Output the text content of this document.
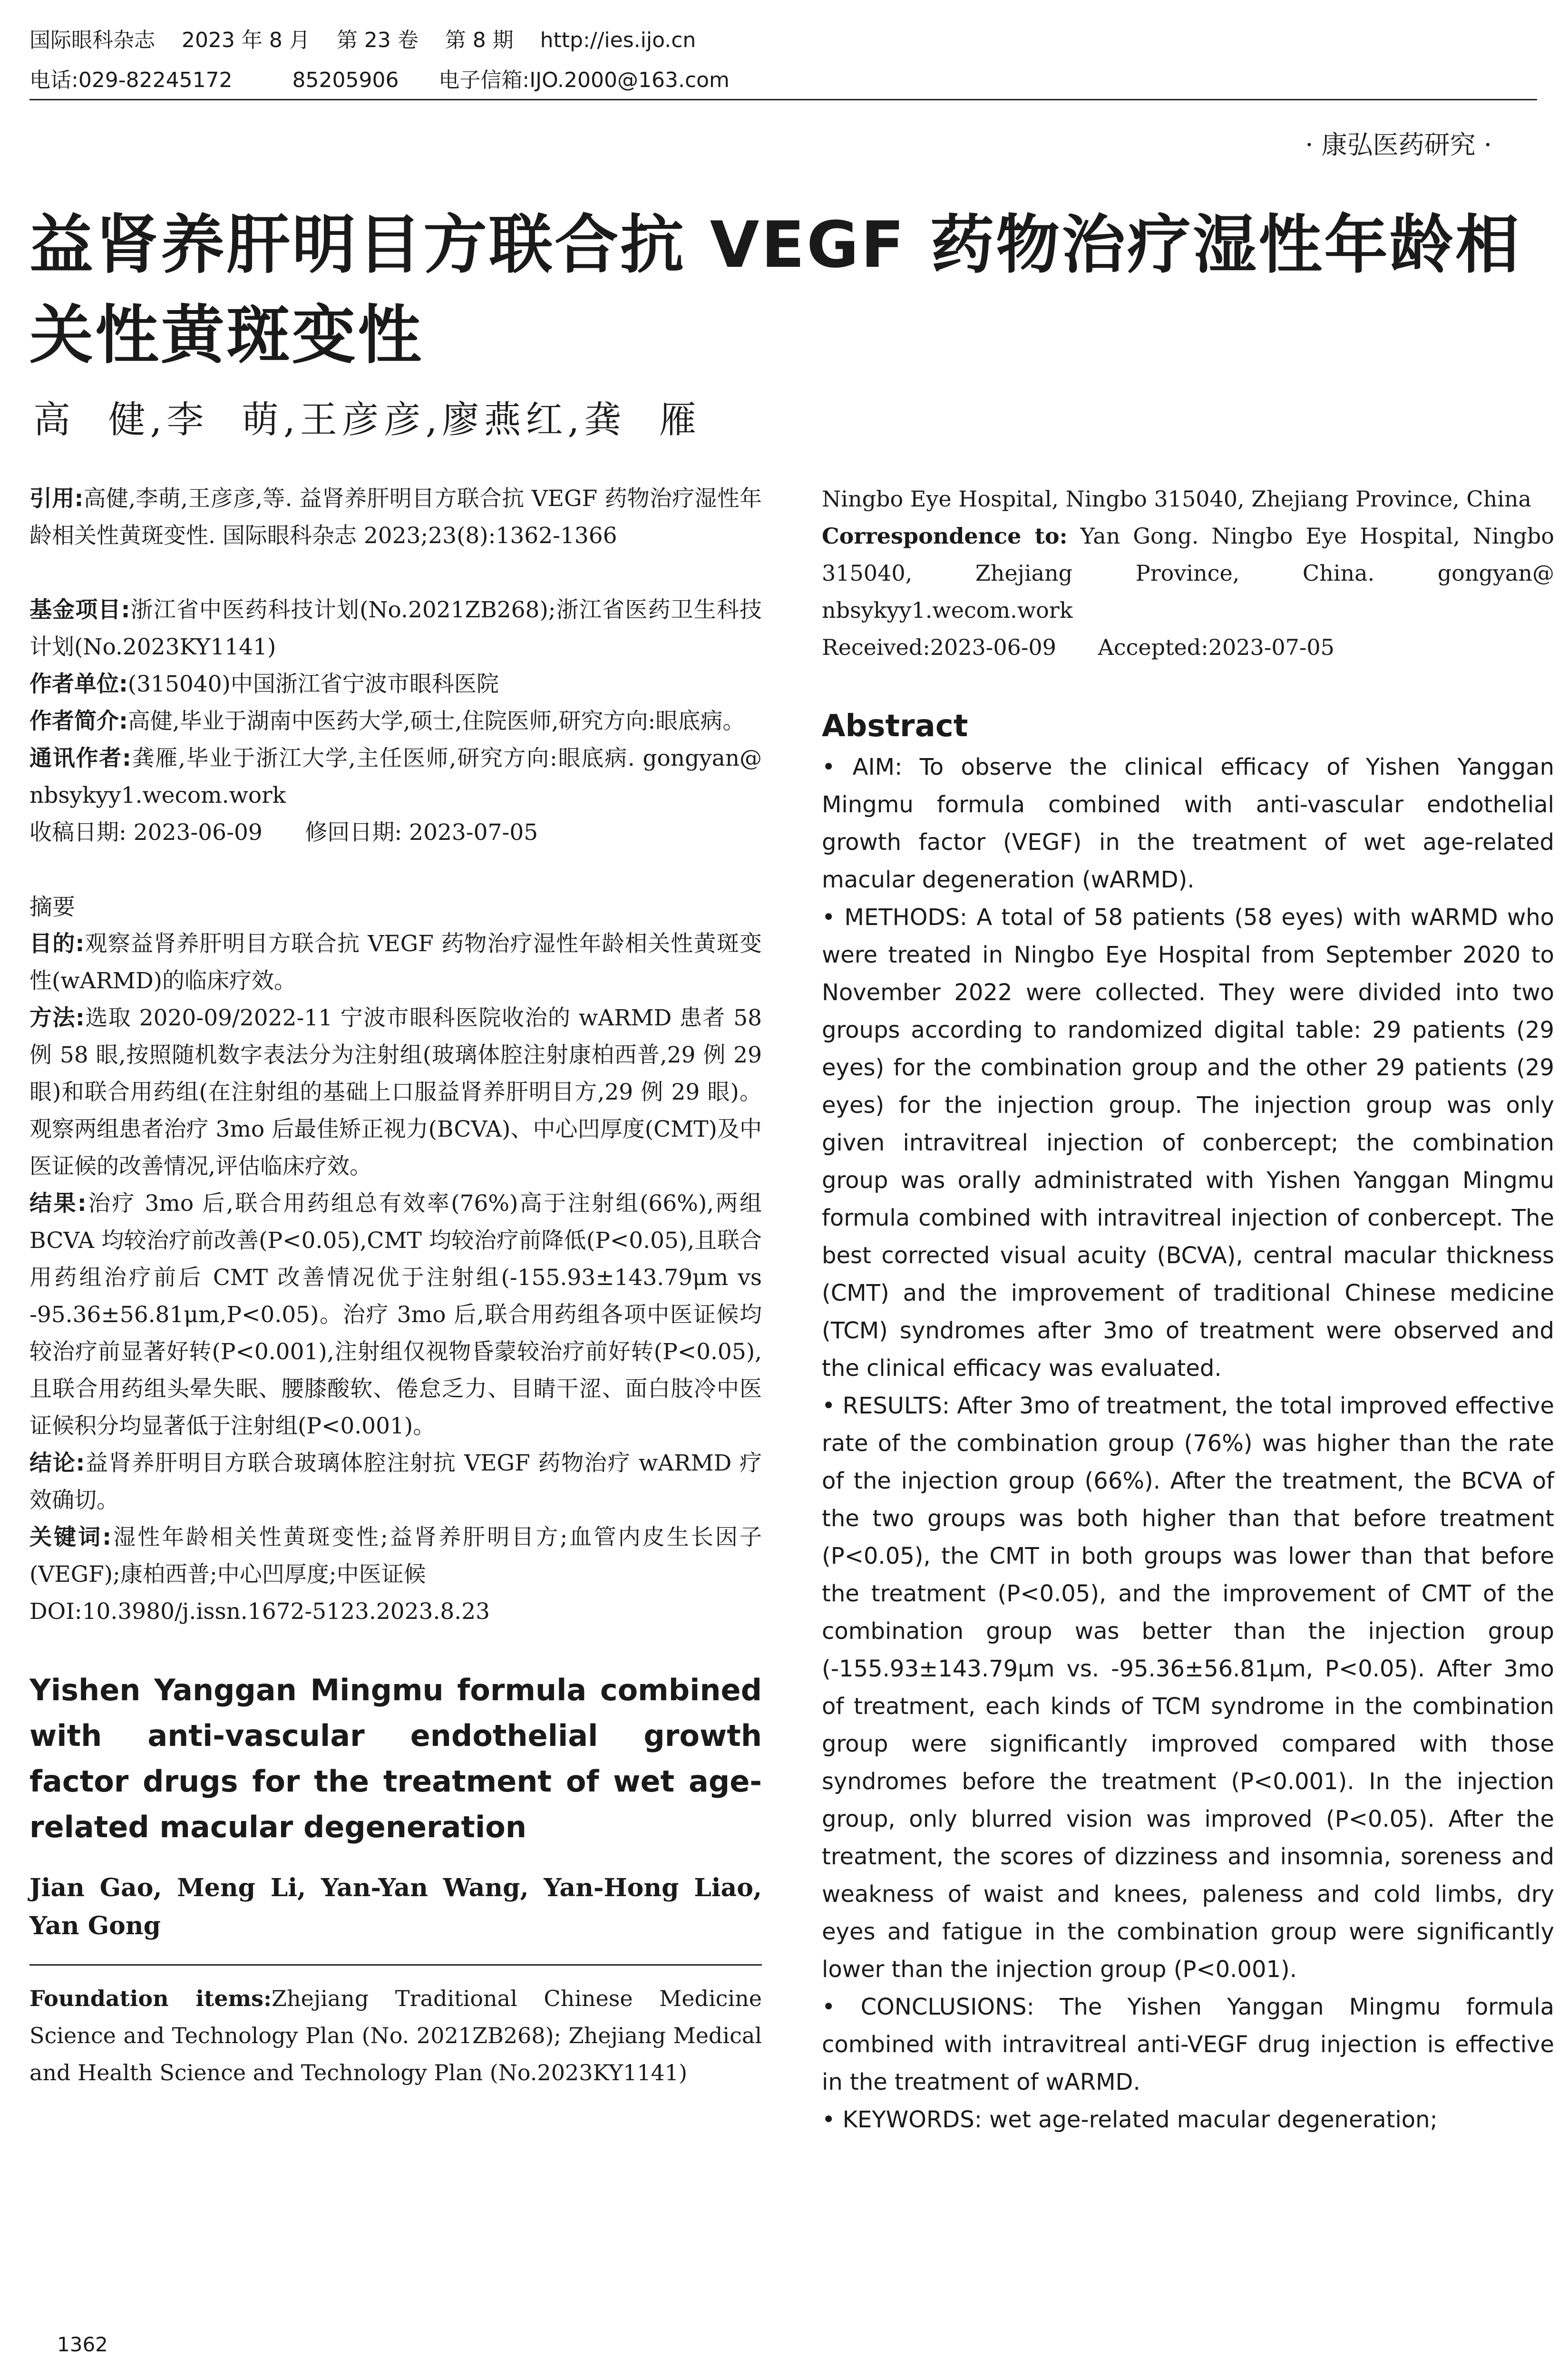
国际眼科杂志    2023 年 8 月    第 23 卷    第 8 期    http://ies.ijo.cn
电话:029-82245172         85205906      电子信箱:IJO.2000@163.com
· 康弘医药研究 ·
益肾养肝明目方联合抗 VEGF 药物治疗湿性年龄相关性黄斑变性
高  健,李  萌,王彦彦,廖燕红,龚  雁
引用:高健,李萌,王彦彦,等. 益肾养肝明目方联合抗 VEGF 药物治疗湿性年龄相关性黄斑变性. 国际眼科杂志 2023;23(8):1362-1366
基金项目:浙江省中医药科技计划(No.2021ZB268);浙江省医药卫生科技计划(No.2023KY1141)
作者单位:(315040)中国浙江省宁波市眼科医院
作者简介:高健,毕业于湖南中医药大学,硕士,住院医师,研究方向:眼底病。
通讯作者:龚雁,毕业于浙江大学,主任医师,研究方向:眼底病. gongyan@ nbsykyy1.wecom.work
收稿日期: 2023-06-09      修回日期: 2023-07-05
摘要
目的:观察益肾养肝明目方联合抗 VEGF 药物治疗湿性年龄相关性黄斑变性(wARMD)的临床疗效。
方法:选取 2020-09/2022-11 宁波市眼科医院收治的 wARMD 患者 58 例 58 眼,按照随机数字表法分为注射组(玻璃体腔注射康柏西普,29 例 29 眼)和联合用药组(在注射组的基础上口服益肾养肝明目方,29 例 29 眼)。观察两组患者治疗 3mo 后最佳矫正视力(BCVA)、中心凹厚度(CMT)及中医证候的改善情况,评估临床疗效。
结果:治疗 3mo 后,联合用药组总有效率(76%)高于注射组(66%),两组 BCVA 均较治疗前改善(P<0.05),CMT 均较治疗前降低(P<0.05),且联合用药组治疗前后 CMT 改善情况优于注射组(-155.93±143.79μm vs -95.36±56.81μm,P<0.05)。治疗 3mo 后,联合用药组各项中医证候均较治疗前显著好转(P<0.001),注射组仅视物昏蒙较治疗前好转(P<0.05),且联合用药组头晕失眠、腰膝酸软、倦怠乏力、目睛干涩、面白肢冷中医证候积分均显著低于注射组(P<0.001)。
结论:益肾养肝明目方联合玻璃体腔注射抗 VEGF 药物治疗 wARMD 疗效确切。
关键词:湿性年龄相关性黄斑变性;益肾养肝明目方;血管内皮生长因子(VEGF);康柏西普;中心凹厚度;中医证候
DOI:10.3980/j.issn.1672-5123.2023.8.23
Yishen Yanggan Mingmu formula combined with anti-vascular endothelial growth factor drugs for the treatment of wet age-related macular degeneration
Jian Gao, Meng Li, Yan-Yan Wang, Yan-Hong Liao, Yan Gong
Foundation items:Zhejiang Traditional Chinese Medicine Science and Technology Plan (No. 2021ZB268); Zhejiang Medical and Health Science and Technology Plan (No.2023KY1141)
Ningbo Eye Hospital, Ningbo 315040, Zhejiang Province, China
Correspondence to: Yan Gong. Ningbo Eye Hospital, Ningbo 315040, Zhejiang Province, China. gongyan@ nbsykyy1.wecom.work
Received:2023-06-09      Accepted:2023-07-05
Abstract
• AIM: To observe the clinical efficacy of Yishen Yanggan Mingmu formula combined with anti-vascular endothelial growth factor (VEGF) in the treatment of wet age-related macular degeneration (wARMD).
• METHODS: A total of 58 patients (58 eyes) with wARMD who were treated in Ningbo Eye Hospital from September 2020 to November 2022 were collected. They were divided into two groups according to randomized digital table: 29 patients (29 eyes) for the combination group and the other 29 patients (29 eyes) for the injection group. The injection group was only given intravitreal injection of conbercept; the combination group was orally administrated with Yishen Yanggan Mingmu formula combined with intravitreal injection of conbercept. The best corrected visual acuity (BCVA), central macular thickness (CMT) and the improvement of traditional Chinese medicine (TCM) syndromes after 3mo of treatment were observed and the clinical efficacy was evaluated.
• RESULTS: After 3mo of treatment, the total improved effective rate of the combination group (76%) was higher than the rate of the injection group (66%). After the treatment, the BCVA of the two groups was both higher than that before treatment (P<0.05), the CMT in both groups was lower than that before the treatment (P<0.05), and the improvement of CMT of the combination group was better than the injection group (-155.93±143.79μm vs. -95.36±56.81μm, P<0.05). After 3mo of treatment, each kinds of TCM syndrome in the combination group were significantly improved compared with those syndromes before the treatment (P<0.001). In the injection group, only blurred vision was improved (P<0.05). After the treatment, the scores of dizziness and insomnia, soreness and weakness of waist and knees, paleness and cold limbs, dry eyes and fatigue in the combination group were significantly lower than the injection group (P<0.001).
• CONCLUSIONS: The Yishen Yanggan Mingmu formula combined with intravitreal anti-VEGF drug injection is effective in the treatment of wARMD.
• KEYWORDS: wet age-related macular degeneration;
1362
